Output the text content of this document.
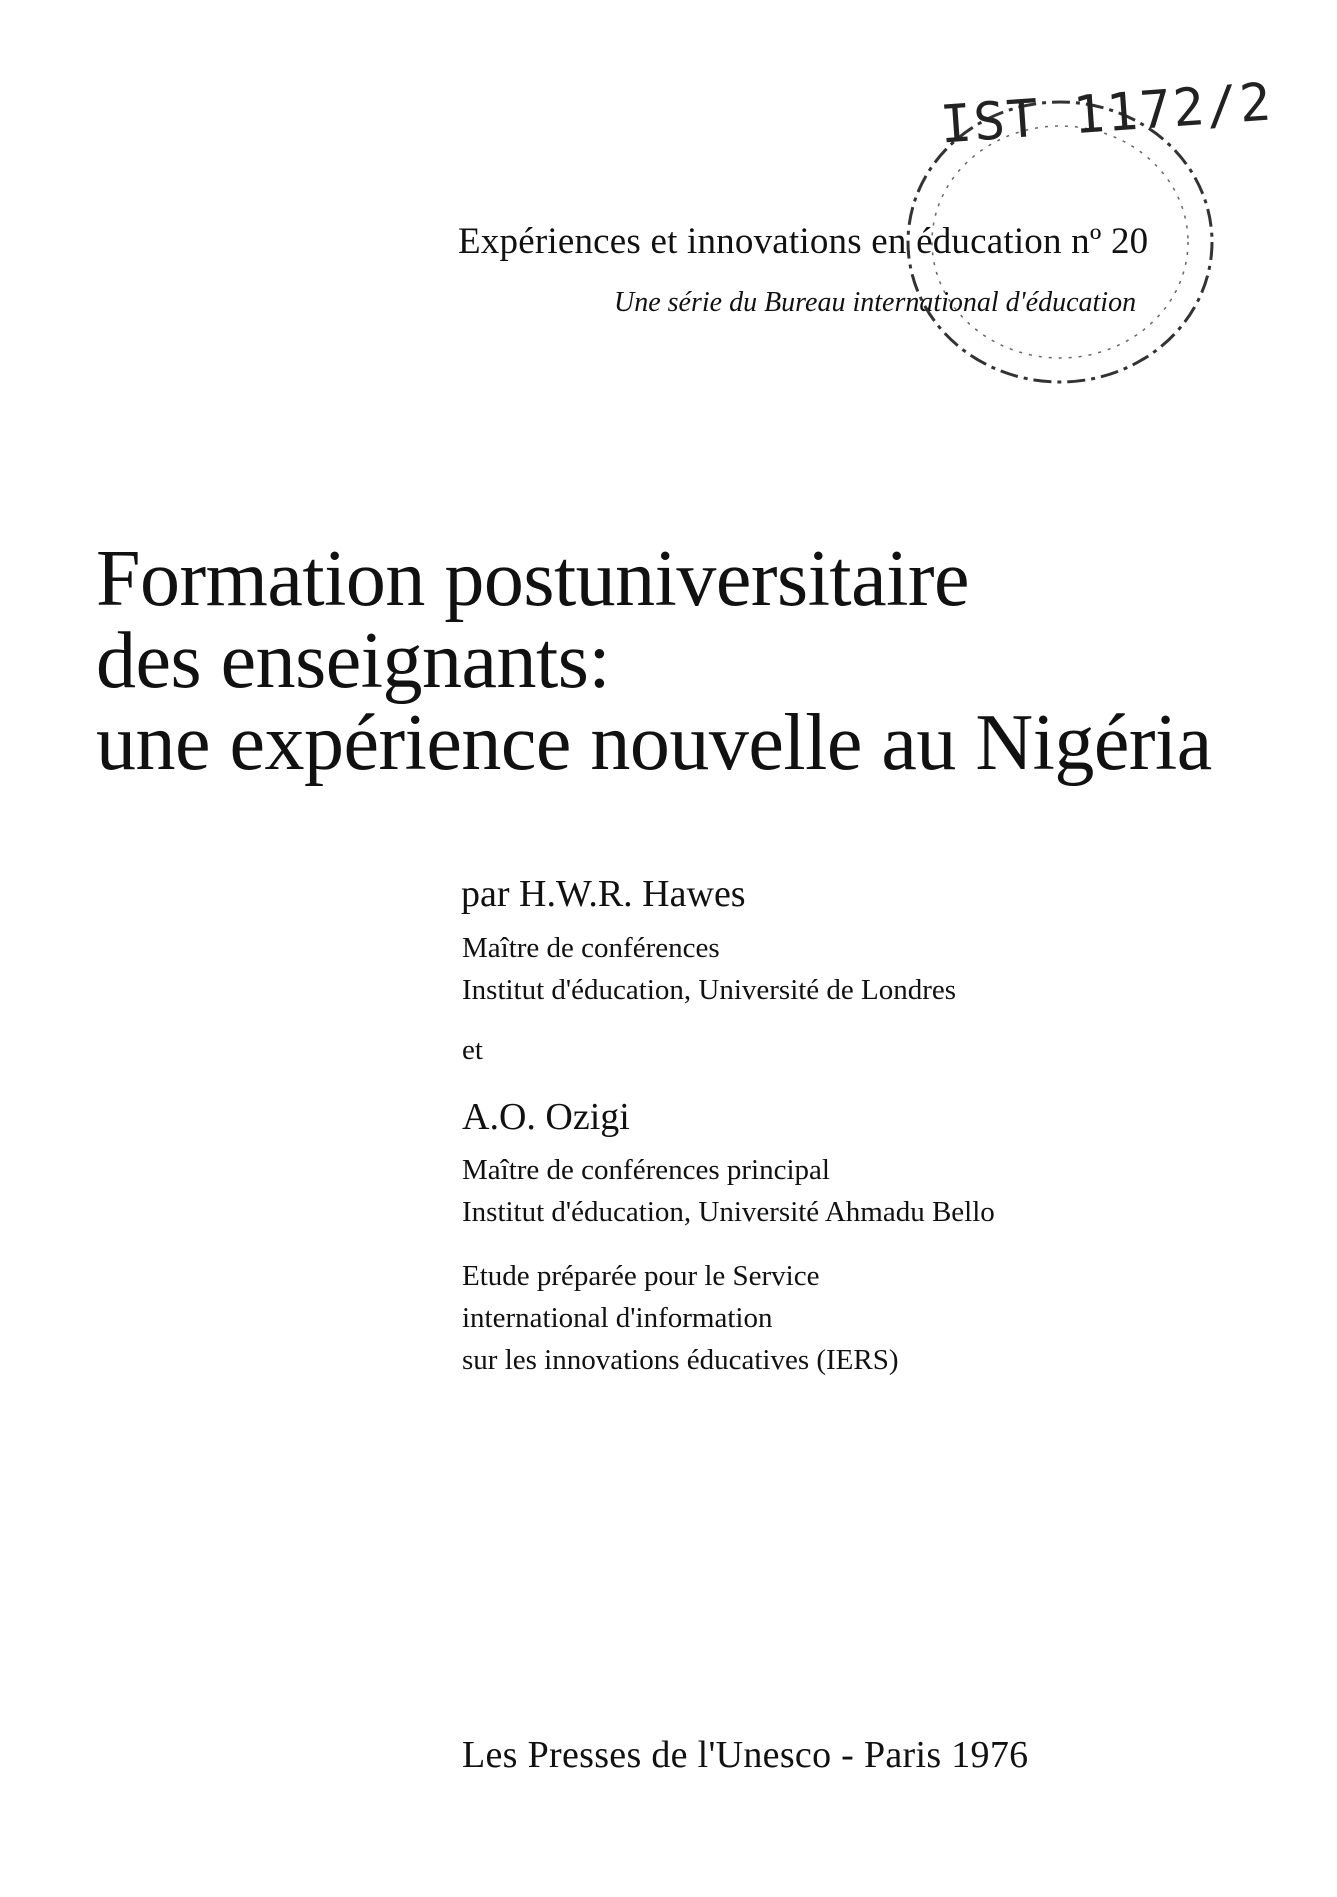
Expériences et innovations en éducation nº 20
Une série du Bureau international d'éducation
IST 1172/2
Formation postuniversitaire
des enseignants:
une expérience nouvelle au Nigéria
par H.W.R. Hawes
Maître de conférences
Institut d'éducation, Université de Londres
et
A.O. Ozigi
Maître de conférences principal
Institut d'éducation, Université Ahmadu Bello
Etude préparée pour le Service
international d'information
sur les innovations éducatives (IERS)
Les Presses de l'Unesco - Paris 1976
